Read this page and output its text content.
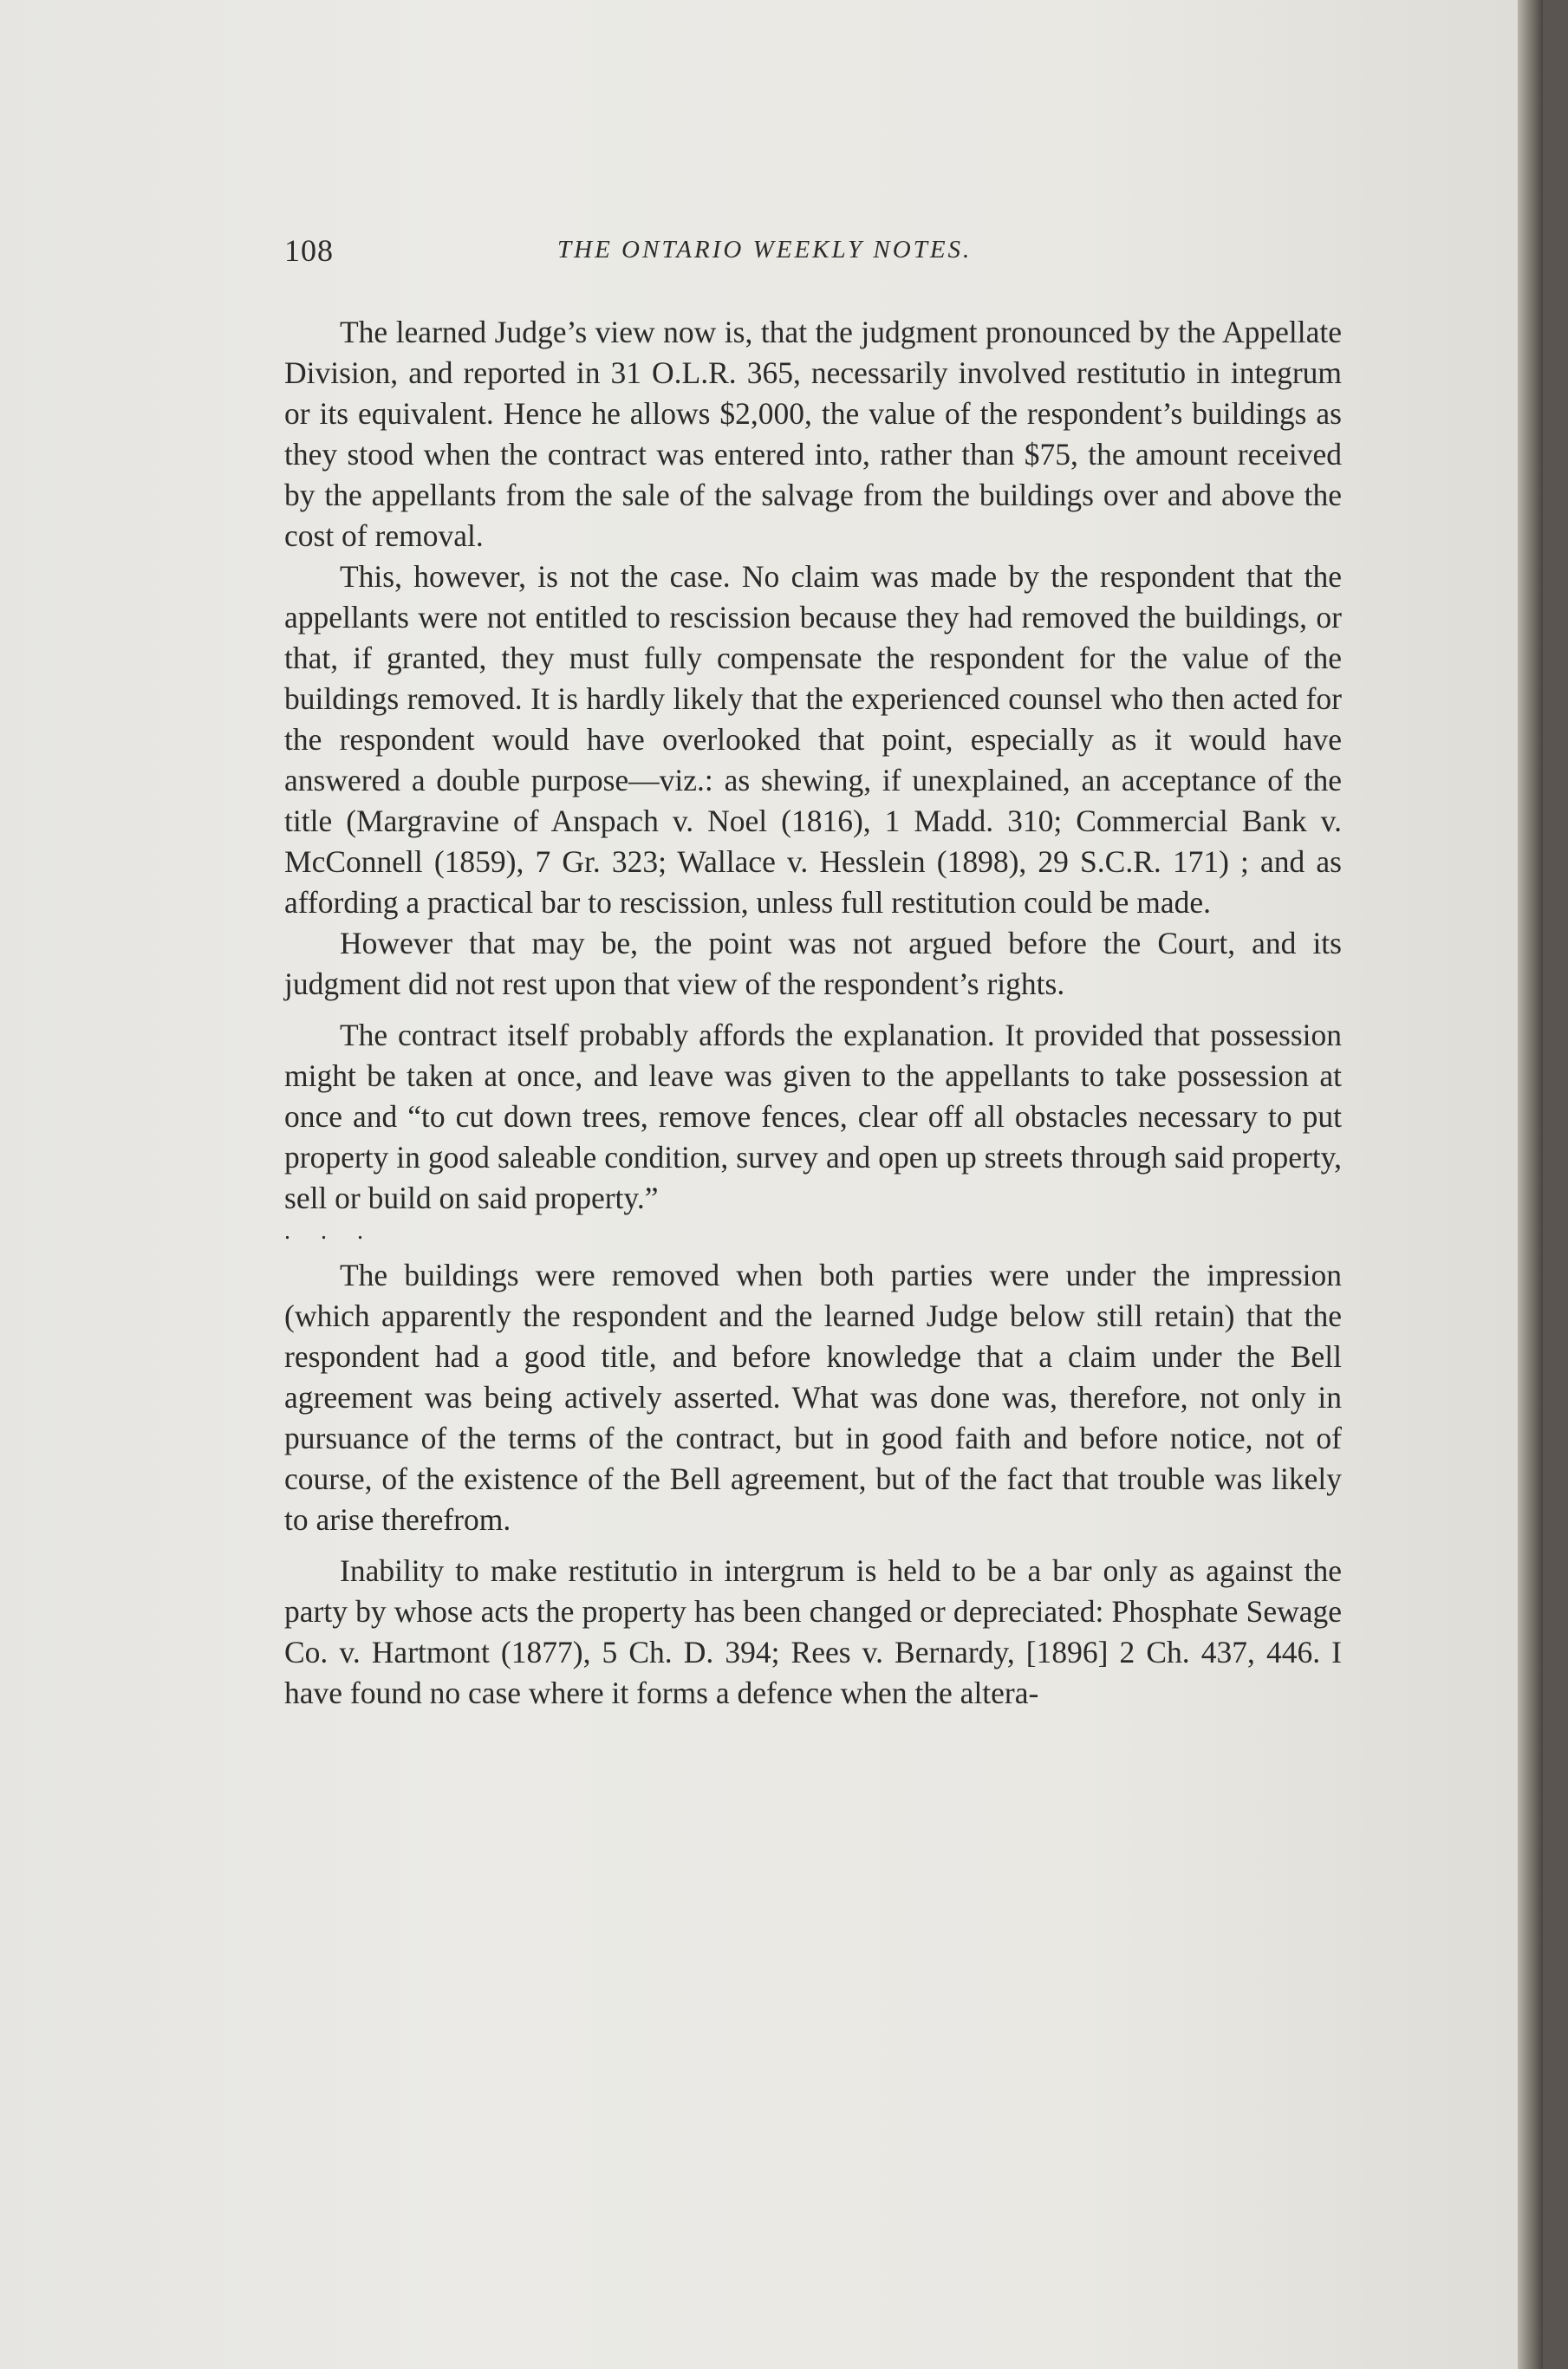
108	THE ONTARIO WEEKLY NOTES.

The learned Judge’s view now is, that the judgment pronounced by the Appellate Division, and reported in 31 O.L.R. 365, necessarily involved restitutio in integrum or its equivalent. Hence he allows $2,000, the value of the respondent’s buildings as they stood when the contract was entered into, rather than $75, the amount received by the appellants from the sale of the salvage from the buildings over and above the cost of removal.

This, however, is not the case. No claim was made by the respondent that the appellants were not entitled to rescission because they had removed the buildings, or that, if granted, they must fully compensate the respondent for the value of the buildings removed. It is hardly likely that the experienced counsel who then acted for the respondent would have overlooked that point, especially as it would have answered a double purpose—viz.: as shewing, if unexplained, an acceptance of the title (Margravine of Anspach v. Noel (1816), 1 Madd. 310; Commercial Bank v. McConnell (1859), 7 Gr. 323; Wallace v. Hesslein (1898), 29 S.C.R. 171) ; and as affording a practical bar to rescission, unless full restitution could be made.

However that may be, the point was not argued before the Court, and its judgment did not rest upon that view of the respondent’s rights.

The contract itself probably affords the explanation. It provided that possession might be taken at once, and leave was given to the appellants to take possession at once and “to cut down trees, remove fences, clear off all obstacles necessary to put property in good saleable condition, survey and open up streets through said property, sell or build on said property.”

. . .

The buildings were removed when both parties were under the impression (which apparently the respondent and the learned Judge below still retain) that the respondent had a good title, and before knowledge that a claim under the Bell agreement was being actively asserted. What was done was, therefore, not only in pursuance of the terms of the contract, but in good faith and before notice, not of course, of the existence of the Bell agreement, but of the fact that trouble was likely to arise therefrom.

Inability to make restitutio in intergrum is held to be a bar only as against the party by whose acts the property has been changed or depreciated: Phosphate Sewage Co. v. Hartmont (1877), 5 Ch. D. 394; Rees v. Bernardy, [1896] 2 Ch. 437, 446. I have found no case where it forms a defence when the altera-
